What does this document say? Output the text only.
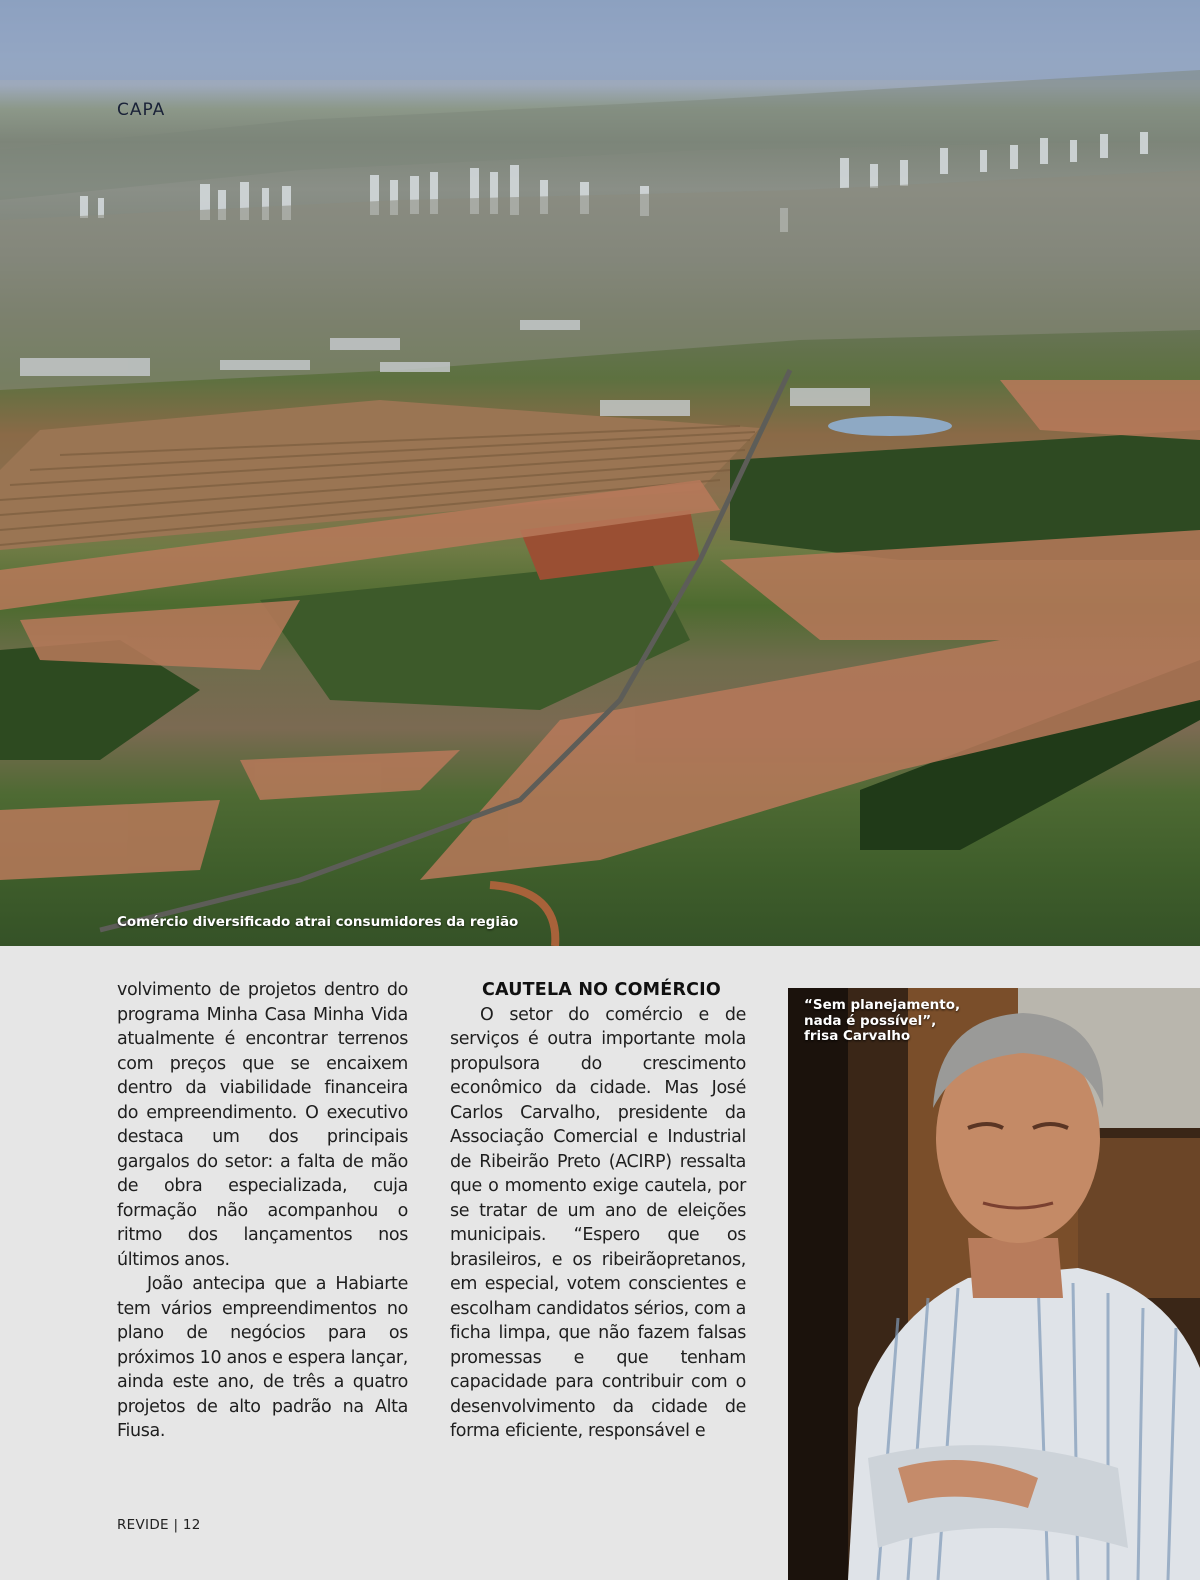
CAPA
Comércio diversificado atrai consumidores da região

volvimento de projetos dentro do programa Minha Casa Minha Vida atualmente é encontrar terrenos com preços que se encaixem dentro da viabilidade financeira do empreendimento. O executivo destaca um dos principais gargalos do setor: a falta de mão de obra especializada, cuja formação não acompanhou o ritmo dos lançamentos nos últimos anos.

João antecipa que a Habiarte tem vários empreendimentos no plano de negócios para os próximos 10 anos e espera lançar, ainda este ano, de três a quatro projetos de alto padrão na Alta Fiusa.

CAUTELA NO COMÉRCIO

O setor do comércio e de serviços é outra importante mola propulsora do crescimento econômico da cidade. Mas José Carlos Carvalho, presidente da Associação Comercial e Industrial de Ribeirão Preto (ACIRP) ressalta que o momento exige cautela, por se tratar de um ano de eleições municipais. “Espero que os brasileiros, e os ribeirãopretanos, em especial, votem conscientes e escolham candidatos sérios, com a ficha limpa, que não fazem falsas promessas e que tenham capacidade para contribuir com o desenvolvimento da cidade de forma eficiente, responsável e

“Sem planejamento, nada é possível”, frisa Carvalho
REVIDE | 12
